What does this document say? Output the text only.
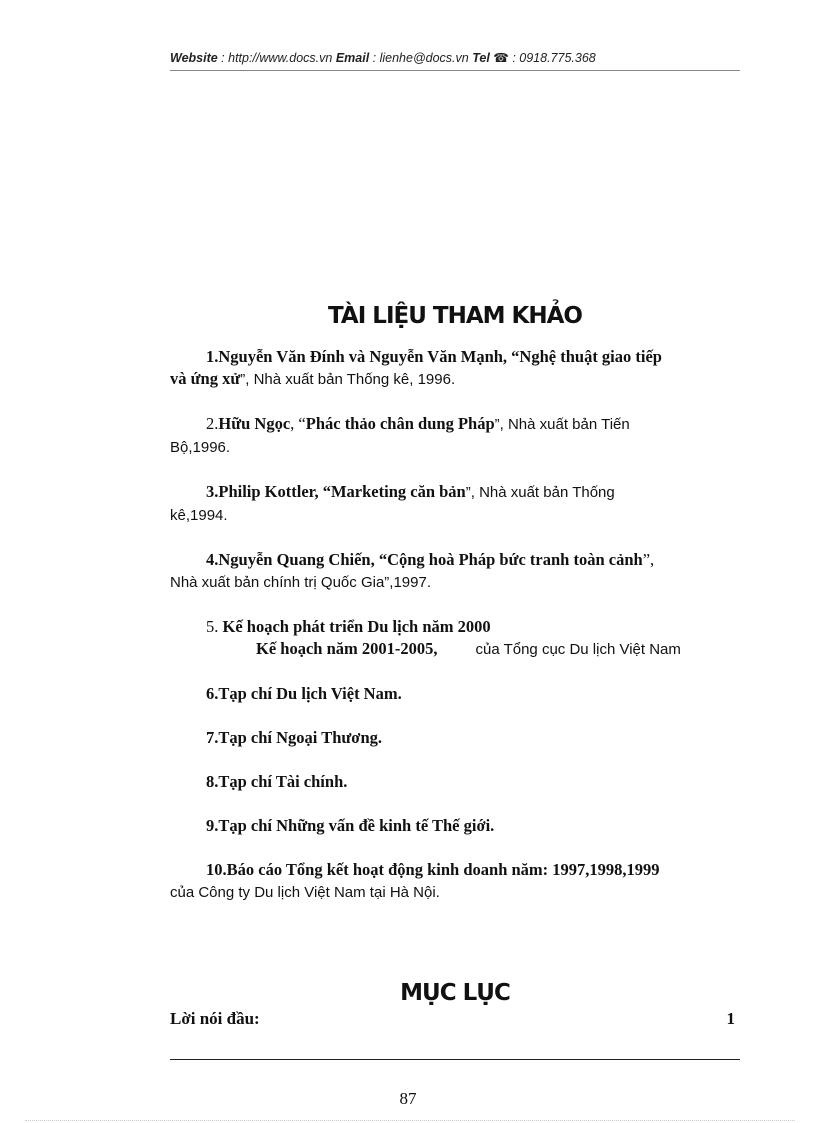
Website : http://www.docs.vn Email : lienhe@docs.vn Tel ☎ : 0918.775.368
TÀI LIỆU THAM KHẢO
1.Nguyễn Văn Đính và Nguyễn Văn Mạnh, “Nghệ thuật giao tiếp
và ứng xử”, Nhà xuất bản Thống kê, 1996.
2.Hữu Ngọc, “Phác thảo chân dung Pháp”, Nhà xuất bản Tiến
Bộ,1996.
3.Philip Kottler, “Marketing căn bản”, Nhà xuất bản Thống
kê,1994.
4.Nguyễn Quang Chiến, “Cộng hoà Pháp bức tranh toàn cảnh”,
Nhà xuất bản chính trị Quốc Gia”,1997.
5. Kế hoạch phát triển Du lịch năm 2000

Kế hoạch năm 2001-2005,	của Tổng cục Du lịch Việt Nam
6.Tạp chí Du lịch Việt Nam.
7.Tạp chí Ngoại Thương.
8.Tạp chí Tài chính.
9.Tạp chí Những vấn đề kinh tế Thế giới.
10.Báo cáo Tổng kết hoạt động kinh doanh năm: 1997,1998,1999
của Công ty Du lịch Việt Nam tại Hà Nội.
MỤC LỤC
Lời nói đầu:	1
87
